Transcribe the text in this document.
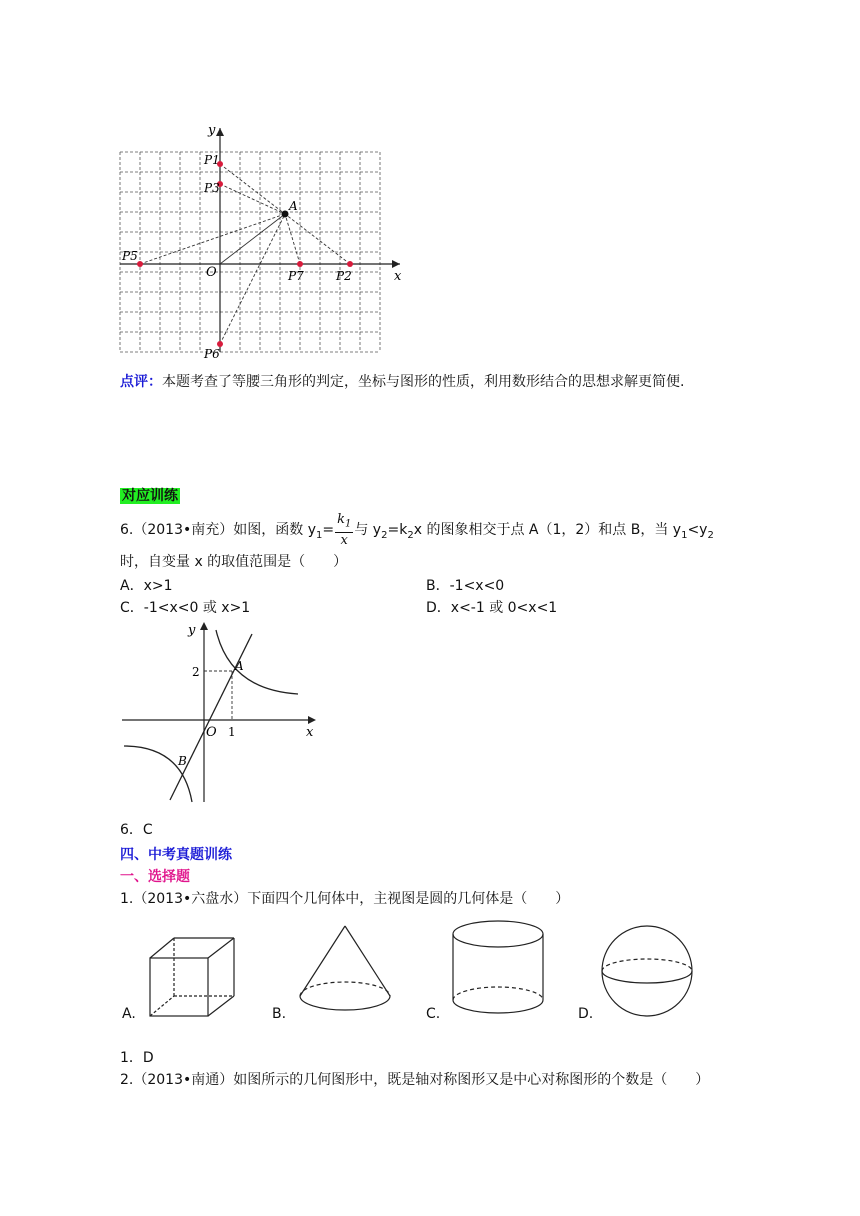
y
x
O
A
P1
P3
P5
P6
P7	P2
点评：本题考查了等腰三角形的判定，坐标与图形的性质，利用数形结合的思想求解更简便.
对应训练
6.（2013•南充）如图，函数 $y_1= \frac{k_1}{x}$ 与 $y_2=k_2x$ 的图象相交于点 A（1，2）和点 B，当 $y_1<y_2$
时，自变量 x 的取值范围是（　　）
A．x>1	B．-1<x<0
C．-1<x<0 或 x>1	D．x<-1 或 0<x<1
y
x
O 1
2	A
B
6．C
四、中考真题训练
一、选择题
1.（2013•六盘水）下面四个几何体中，主视图是圆的几何体是（　　）
A.	B.	C.	D.
1．D
2.（2013•南通）如图所示的几何图形中，既是轴对称图形又是中心对称图形的个数是（　　）
